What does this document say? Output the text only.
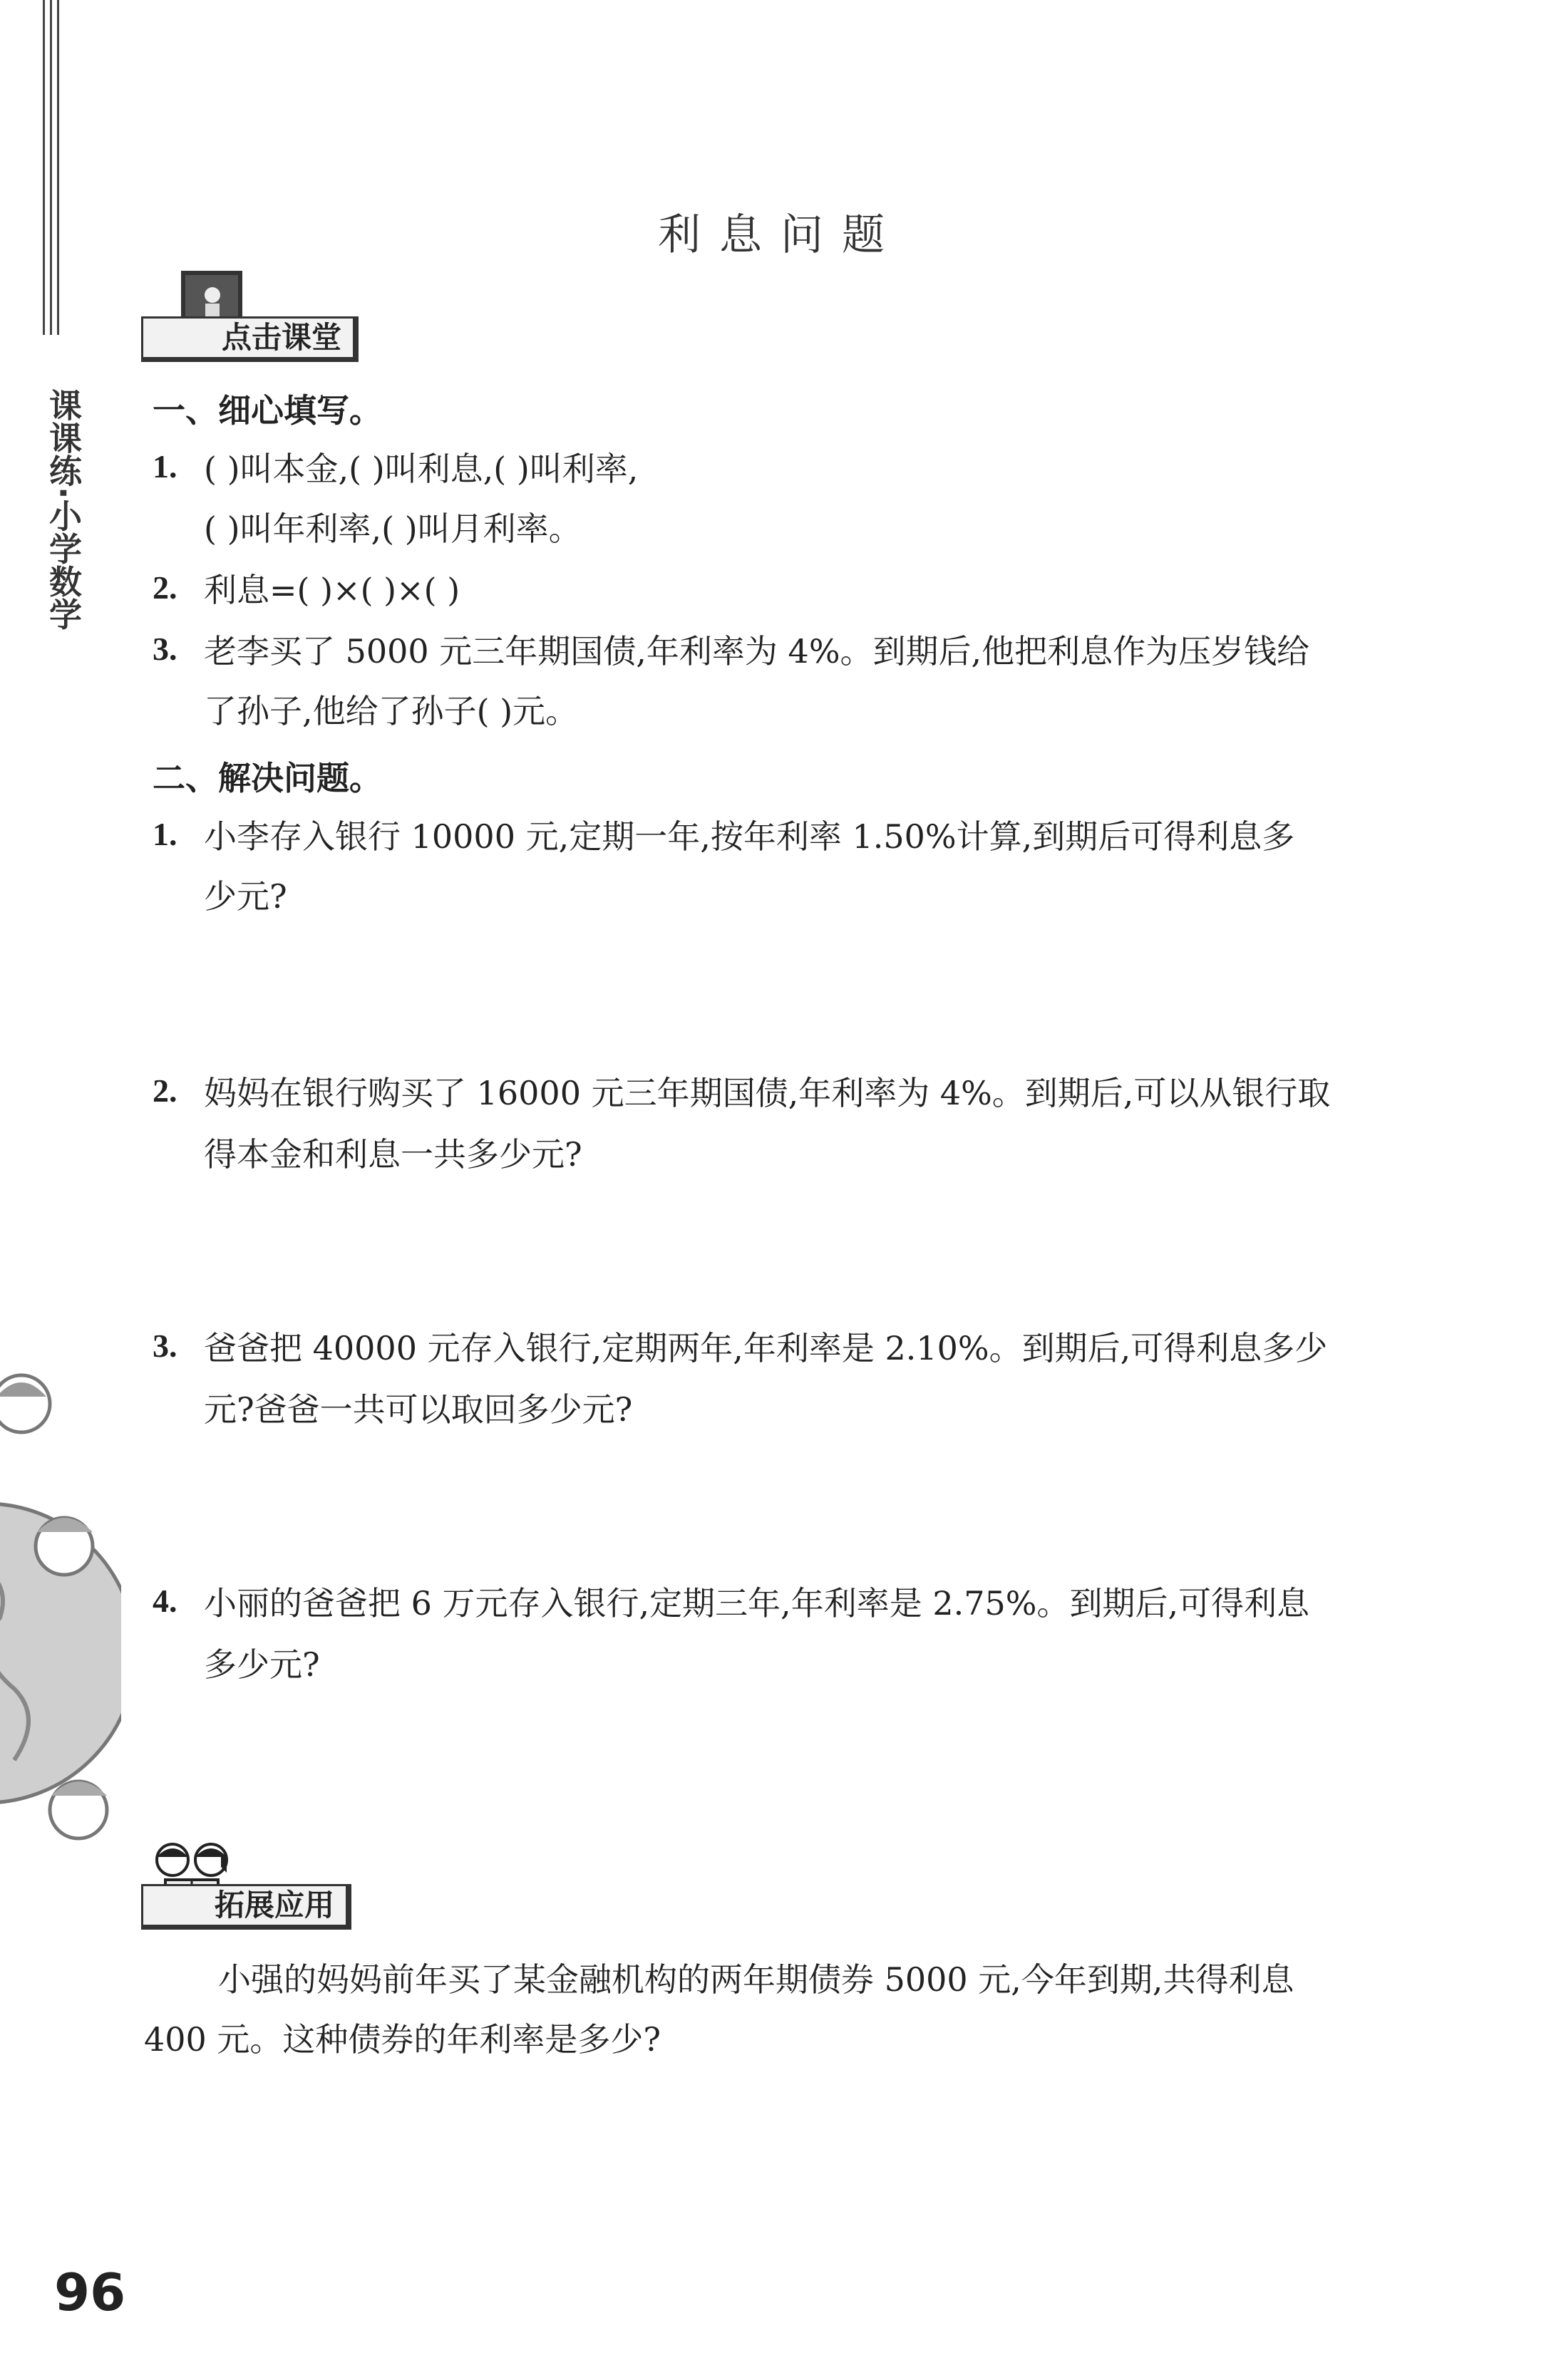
课课练·小学数学
利息问题
点击课堂
一、细心填写。
1. ( )叫本金,( )叫利息,( )叫利率,
( )叫年利率,( )叫月利率。
2. 利息=( )×( )×( )
3. 老李买了 5000 元三年期国债,年利率为 4%。到期后,他把利息作为压岁钱给
了孙子,他给了孙子( )元。
二、解决问题。
1. 小李存入银行 10000 元,定期一年,按年利率 1.50%计算,到期后可得利息多
少元?
2. 妈妈在银行购买了 16000 元三年期国债,年利率为 4%。到期后,可以从银行取
得本金和利息一共多少元?
3. 爸爸把 40000 元存入银行,定期两年,年利率是 2.10%。到期后,可得利息多少
元?爸爸一共可以取回多少元?
4. 小丽的爸爸把 6 万元存入银行,定期三年,年利率是 2.75%。到期后,可得利息
多少元?
拓展应用
小强的妈妈前年买了某金融机构的两年期债券 5000 元,今年到期,共得利息
400 元。这种债券的年利率是多少?
96
